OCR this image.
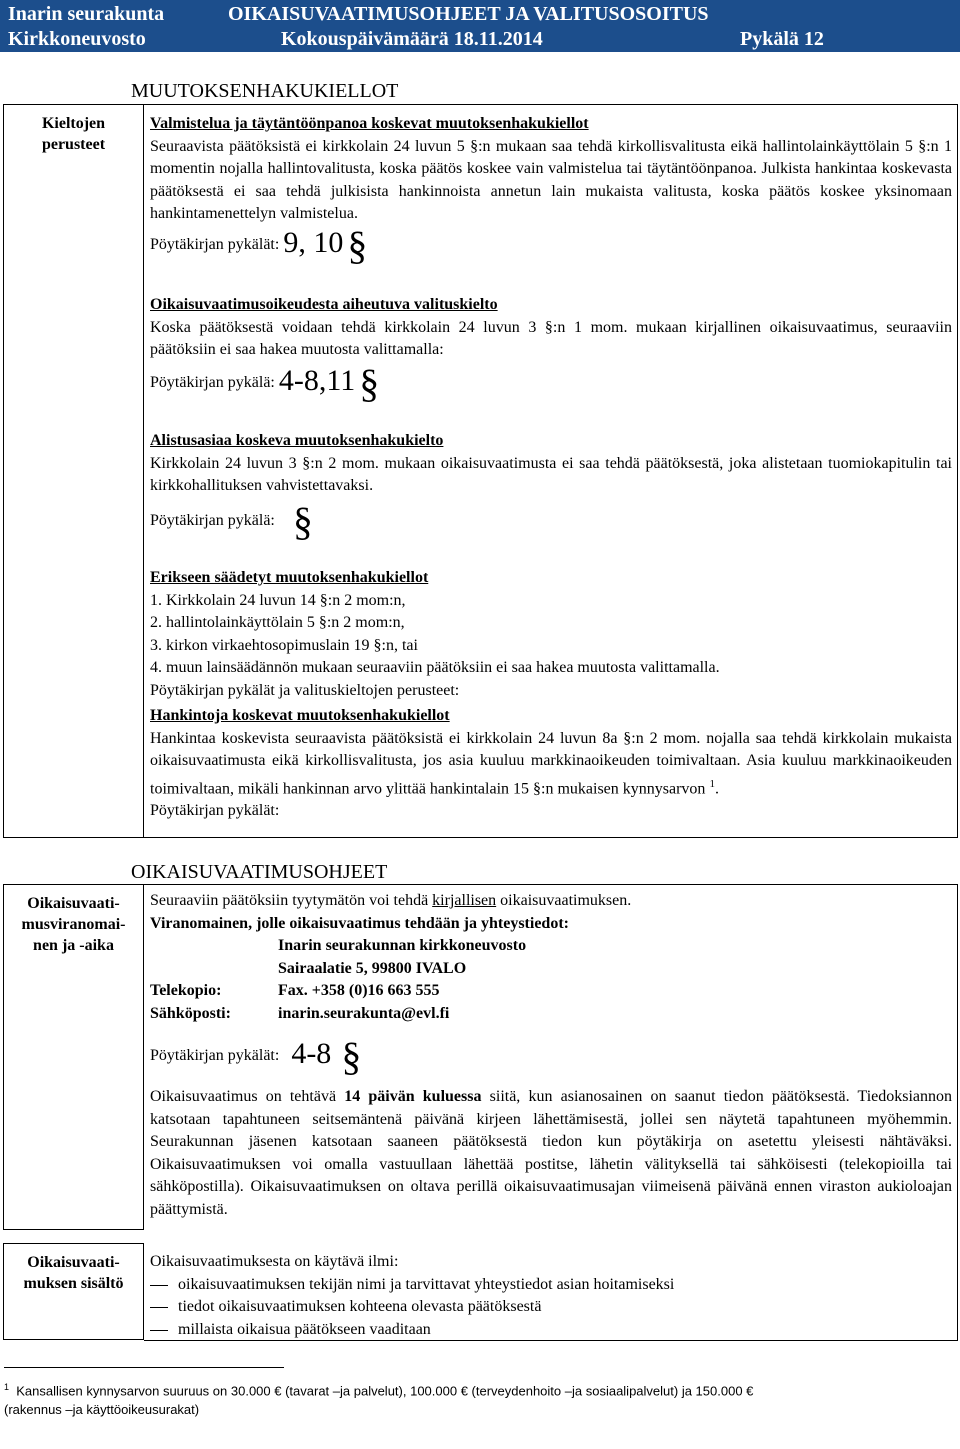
Inarin seurakunta	OIKAISUVAATIMUSOHJEET JA VALITUSOSOITUS
Kirkkoneuvosto	Kokouspäivämäärä 18.11.2014	Pykälä 12
MUUTOKSENHAKUKIELLOT
Kieltojen
perusteet
Valmistelua ja täytäntöönpanoa koskevat muutoksenhakukiellot
Seuraavista päätöksistä ei kirkkolain 24 luvun 5 §:n mukaan saa tehdä kirkollisvalitusta eikä hallintolainkäyttölain 5 §:n 1 momentin nojalla hallintovalitusta, koska päätös koskee vain valmistelua tai täytäntöönpanoa. Julkista hankintaa koskevasta päätöksestä ei saa tehdä julkisista hankinnoista annetun lain mukaista valitusta, koska päätös koskee yksinomaan hankintamenettelyn valmistelua.
Pöytäkirjan pykälät: 9, 10 §
Oikaisuvaatimusoikeudesta aiheutuva valituskielto
Koska päätöksestä voidaan tehdä kirkkolain 24 luvun 3 §:n 1 mom. mukaan kirjallinen oikaisuvaatimus, seuraaviin päätöksiin ei saa hakea muutosta valittamalla:
Pöytäkirjan pykälä: 4-8,11 §
Alistusasiaa koskeva muutoksenhakukielto
Kirkkolain 24 luvun 3 §:n 2 mom. mukaan oikaisuvaatimusta ei saa tehdä päätöksestä, joka alistetaan tuomiokapitulin tai kirkkohallituksen vahvistettavaksi.
Pöytäkirjan pykälä: §
Erikseen säädetyt muutoksenhakukiellot
1. Kirkkolain 24 luvun 14 §:n 2 mom:n,
2. hallintolainkäyttölain 5 §:n 2 mom:n,
3. kirkon virkaehtosopimuslain 19 §:n, tai
4. muun lainsäädännön mukaan seuraaviin päätöksiin ei saa hakea muutosta valittamalla.
Pöytäkirjan pykälät ja valituskieltojen perusteet:
Hankintoja koskevat muutoksenhakukiellot
Hankintaa koskevista seuraavista päätöksistä ei kirkkolain 24 luvun 8a §:n 2 mom. nojalla saa tehdä kirkkolain mukaista oikaisuvaatimusta eikä kirkollisvalitusta, jos asia kuuluu markkinaoikeuden toimivaltaan. Asia kuuluu markkinaoikeuden toimivaltaan, mikäli hankinnan arvo ylittää hankintalain 15 §:n mukaisen kynnysarvon $^1$.
Pöytäkirjan pykälät:
OIKAISUVAATIMUSOHJEET
Oikaisuvaati-
musviranomai-
nen ja -aika
Oikaisuvaati-
muksen sisältö
Seuraaviin päätöksiin tyytymätön voi tehdä kirjallisen oikaisuvaatimuksen.
Viranomainen, jolle oikaisuvaatimus tehdään ja yhteystiedot:
Inarin seurakunnan kirkkoneuvosto
Sairaalatie 5, 99800 IVALO
Telekopio:	Fax. +358 (0)16 663 555
Sähköposti:	inarin.seurakunta@evl.fi
Pöytäkirjan pykälät: 4-8 §
Oikaisuvaatimus on tehtävä 14 päivän kuluessa siitä, kun asianosainen on saanut tiedon päätöksestä. Tiedoksiannon katsotaan tapahtuneen seitsemäntenä päivänä kirjeen lähettämisestä, jollei sen näytetä tapahtuneen myöhemmin. Seurakunnan jäsenen katsotaan saaneen päätöksestä tiedon kun pöytäkirja on asetettu yleisesti nähtäväksi. Oikaisuvaatimuksen voi omalla vastuullaan lähettää postitse, lähetin välityksellä tai sähköisesti (telekopioilla tai sähköpostilla). Oikaisuvaatimuksen on oltava perillä oikaisuvaatimusajan viimeisenä päivänä ennen viraston aukioloajan päättymistä.
Oikaisuvaatimuksesta on käytävä ilmi:
oikaisuvaatimuksen tekijän nimi ja tarvittavat yhteystiedot asian hoitamiseksi
tiedot oikaisuvaatimuksen kohteena olevasta päätöksestä
millaista oikaisua päätökseen vaaditaan
$^1$ Kansallisen kynnysarvon suuruus on 30.000 € (tavarat –ja palvelut), 100.000 € (terveydenhoito –ja sosiaalipalvelut) ja 150.000 €
(rakennus –ja käyttöoikeusurakat)
